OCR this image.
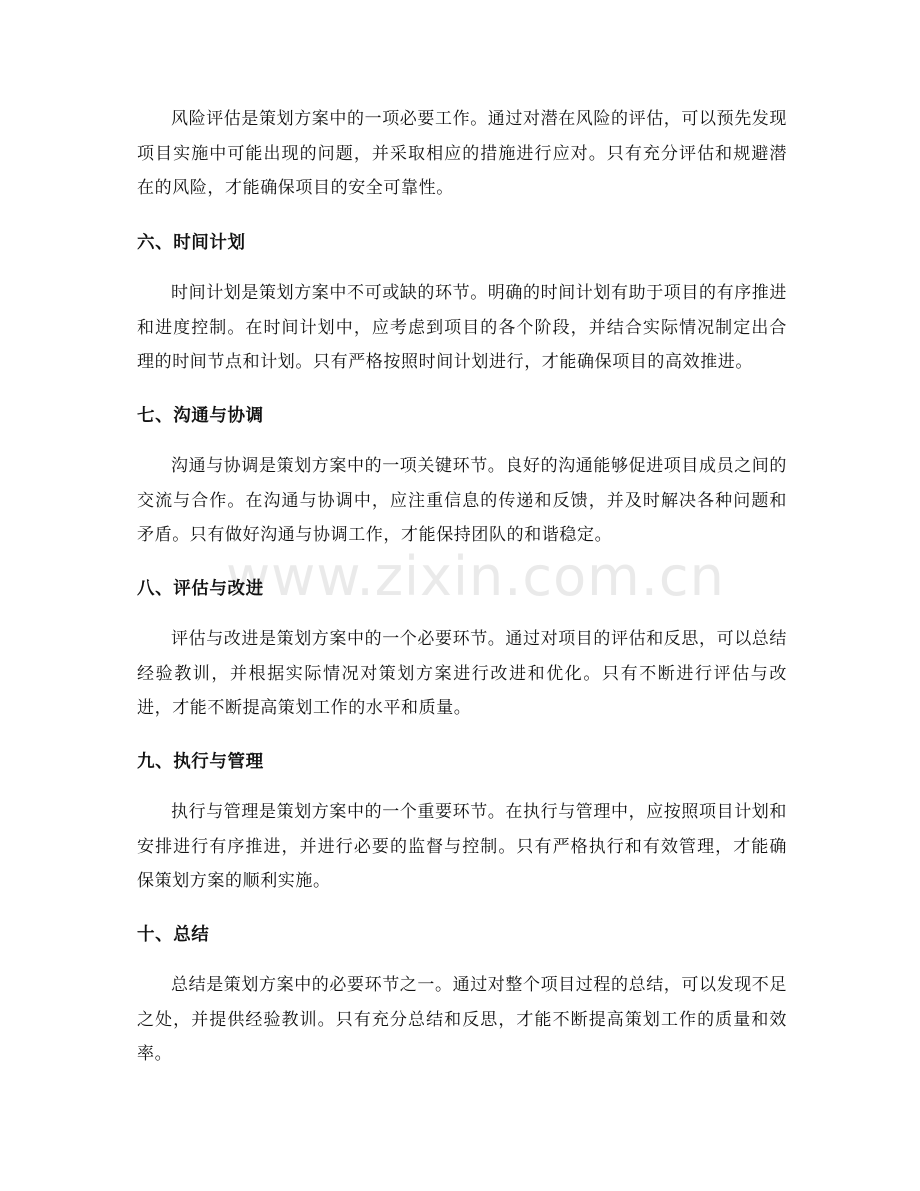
www.zixin.com.cn

风险评估是策划方案中的一项必要工作。通过对潜在风险的评估，可以预先发现项目实施中可能出现的问题，并采取相应的措施进行应对。只有充分评估和规避潜在的风险，才能确保项目的安全可靠性。

六、时间计划

时间计划是策划方案中不可或缺的环节。明确的时间计划有助于项目的有序推进和进度控制。在时间计划中，应考虑到项目的各个阶段，并结合实际情况制定出合理的时间节点和计划。只有严格按照时间计划进行，才能确保项目的高效推进。

七、沟通与协调

沟通与协调是策划方案中的一项关键环节。良好的沟通能够促进项目成员之间的交流与合作。在沟通与协调中，应注重信息的传递和反馈，并及时解决各种问题和矛盾。只有做好沟通与协调工作，才能保持团队的和谐稳定。

八、评估与改进

评估与改进是策划方案中的一个必要环节。通过对项目的评估和反思，可以总结经验教训，并根据实际情况对策划方案进行改进和优化。只有不断进行评估与改进，才能不断提高策划工作的水平和质量。

九、执行与管理

执行与管理是策划方案中的一个重要环节。在执行与管理中，应按照项目计划和安排进行有序推进，并进行必要的监督与控制。只有严格执行和有效管理，才能确保策划方案的顺利实施。

十、总结

总结是策划方案中的必要环节之一。通过对整个项目过程的总结，可以发现不足之处，并提供经验教训。只有充分总结和反思，才能不断提高策划工作的质量和效率。
